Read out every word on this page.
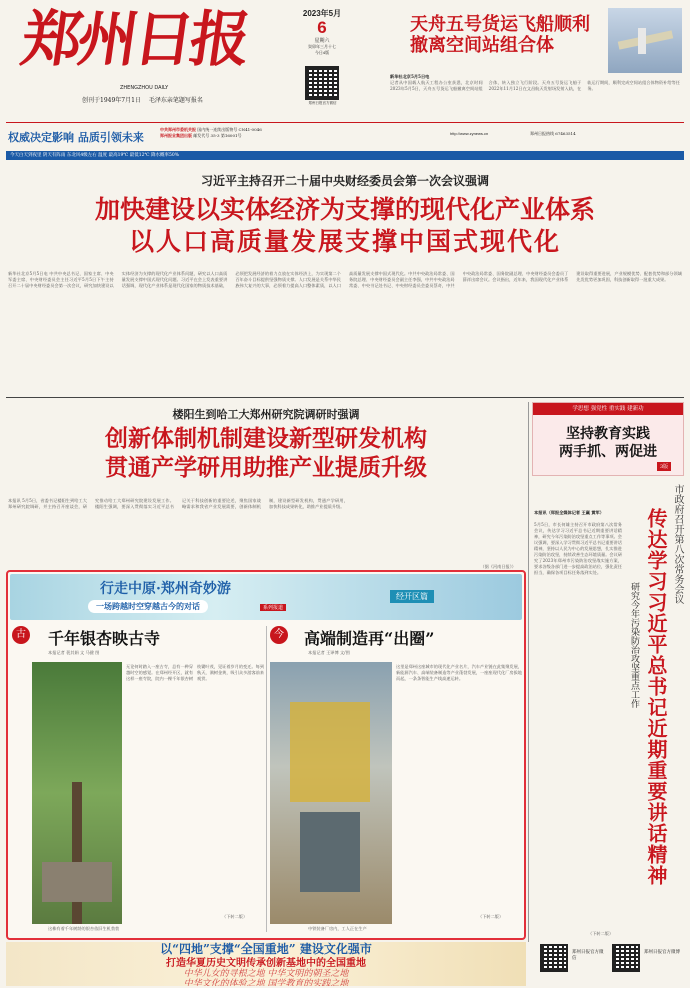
郑州日报
ZHENGZHOU DAILY
创刊于1949年7月1日 毛泽东亲笔题写报名
2023年5月
6
星期六
癸卯年三月十七
今日4版
郑州日报官方微信
天舟五号货运飞船顺利撤离空间站组合体
新华社北京5月5日电
记者从中国载人航天工程办公室获悉，北京时间2023年5月5日，天舟五号货运飞船撤离空间站组合体，转入独立飞行阶段。天舟五号货运飞船于2022年11月12日在文昌航天发射场发射入轨，在轨运行期间，顺利完成空间站组合体物资补给等任务。
权威决定影响 品质引领未来
中共郑州市委机关报 国内统一连续出版物号 CN41-0046
郑州报业集团出版 邮发代号 35-3 第16001号	http://www.zynews.cn	郑州日报热线 67463514
今天白天到夜里 阴天有阵雨 东北风4级左右 温度 最高19℃ 最低12℃ 降水概率50%
习近平主持召开二十届中央财经委员会第一次会议强调
加快建设以实体经济为支撑的现代化产业体系
以人口高质量发展支撑中国式现代化
新华社北京5月5日电 中共中央总书记、国家主席、中央军委主席、中央财经委员会主任习近平5月5日下午主持召开二十届中央财经委员会第一次会议，研究加快建设以实体经济为支撑的现代化产业体系问题，研究以人口高质量发展支撑中国式现代化问题。习近平在会上发表重要讲话强调，现代化产业体系是现代化国家的物质技术基础，必须把发展经济的着力点放在实体经济上，为实现第二个百年奋斗目标提供坚强物质支撑。人口发展是关系中华民族伟大复兴的大事，必须着力提高人口整体素质，以人口高质量发展支撑中国式现代化。中共中央政治局常委、国务院总理、中央财经委员会副主任李强，中共中央政治局常委、中央书记处书记、中央财经委员会委员蔡奇，中共中央政治局常委、国务院副总理、中央财经委员会委员丁薛祥出席会议。会议指出，近年来，我国现代化产业体系建设取得重要进展，产业规模优势、配套优势和部分领域先发优势更加巩固，科技创新取得一批重大成果。
楼阳生到哈工大郑州研究院调研时强调
创新体制机制建设新型研发机构
贯通产学研用助推产业提质升级
本报讯 5月5日，省委书记楼阳生到哈工大郑州研究院调研，并主持召开座谈会，研究推动哈工大郑州研究院建设发展工作。楼阳生强调，要深入贯彻落实习近平总书记关于科技创新的重要论述，聚焦国家战略需求和我省产业发展需要，创新体制机制，建设新型研发机构，贯通产学研用，加快科技成果转化，助推产业提质升级。
（据《河南日报》）
学思想 强党性 重实践 建新功
坚持教育实践
两手抓、两促进
3版
市政府召开第八次常务会议
传达学习习近平总书记近期重要讲话精神
研究今年污染防治攻坚重点工作
本报讯（郑报全媒体记者 王赢 黄军）
5月5日，市长何雄主持召开市政府第八次常务会议，传达学习习近平总书记近期重要讲话精神，研究今年污染防治攻坚重点工作等事项。会议强调，要深入学习贯彻习近平总书记重要讲话精神，坚持以人民为中心的发展思想，扎实推进污染防治攻坚，持续改善生态环境质量。会议研究了2023年郑州市污染防治攻坚战实施方案，要求各级各部门进一步提高政治站位，强化责任担当，确保各项目标任务落到实处。
（下转二版）
行走中原·郑州奇妙游
一场跨越时空穿越古今的对话	系列报道
经开区篇
古 千年银杏映古寺
本报记者 裴其娟 文 马健 图
无论何时踏入一座古寺，总有一种穿越时空的感觉。在郑州经开区，就有这样一座寺院，院内一棵千年银杏树枝繁叶茂，见证着岁月的变迁。每到秋天，满树金黄，吸引众多游客前来观赏。
（下转二版）
这株有着千年树龄的银杏依旧生机勃勃
今 高端制造再“出圈”
本报记者 王译博 文/图
这里是郑州这座城市的现代化产业名片，汽车产业链在此集聚发展，新能源汽车、高端装备制造等产业蓬勃发展，一座座现代化厂房拔地而起，一条条智能生产线高速运转。
（下转二版）
中铁装备厂房内，工人正在生产
以“四地”支撑“全国重地” 建设文化强市
打造华夏历史文明传承创新基地中的全国重地
中华儿女的寻根之地 中华文明的朝圣之地
中华文化的体验之地 国学教育的实践之地
郑州日报官方微信
郑州日报官方微博
